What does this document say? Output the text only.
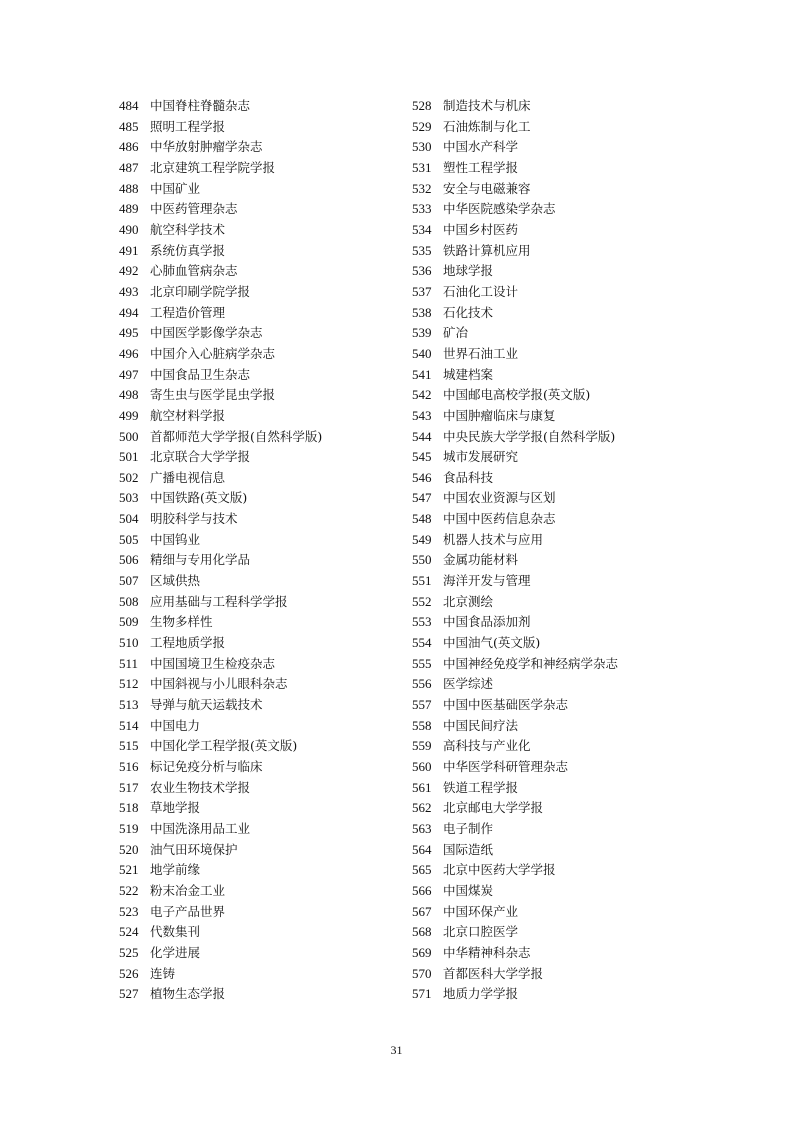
484 中国脊柱脊髓杂志
485 照明工程学报
486 中华放射肿瘤学杂志
487 北京建筑工程学院学报
488 中国矿业
489 中医药管理杂志
490 航空科学技术
491 系统仿真学报
492 心肺血管病杂志
493 北京印刷学院学报
494 工程造价管理
495 中国医学影像学杂志
496 中国介入心脏病学杂志
497 中国食品卫生杂志
498 寄生虫与医学昆虫学报
499 航空材料学报
500 首都师范大学学报(自然科学版)
501 北京联合大学学报
502 广播电视信息
503 中国铁路(英文版)
504 明胶科学与技术
505 中国钨业
506 精细与专用化学品
507 区域供热
508 应用基础与工程科学学报
509 生物多样性
510 工程地质学报
511 中国国境卫生检疫杂志
512 中国斜视与小儿眼科杂志
513 导弹与航天运载技术
514 中国电力
515 中国化学工程学报(英文版)
516 标记免疫分析与临床
517 农业生物技术学报
518 草地学报
519 中国洗涤用品工业
520 油气田环境保护
521 地学前缘
522 粉末冶金工业
523 电子产品世界
524 代数集刊
525 化学进展
526 连铸
527 植物生态学报
528 制造技术与机床
529 石油炼制与化工
530 中国水产科学
531 塑性工程学报
532 安全与电磁兼容
533 中华医院感染学杂志
534 中国乡村医药
535 铁路计算机应用
536 地球学报
537 石油化工设计
538 石化技术
539 矿冶
540 世界石油工业
541 城建档案
542 中国邮电高校学报(英文版)
543 中国肿瘤临床与康复
544 中央民族大学学报(自然科学版)
545 城市发展研究
546 食品科技
547 中国农业资源与区划
548 中国中医药信息杂志
549 机器人技术与应用
550 金属功能材料
551 海洋开发与管理
552 北京测绘
553 中国食品添加剂
554 中国油气(英文版)
555 中国神经免疫学和神经病学杂志
556 医学综述
557 中国中医基础医学杂志
558 中国民间疗法
559 高科技与产业化
560 中华医学科研管理杂志
561 铁道工程学报
562 北京邮电大学学报
563 电子制作
564 国际造纸
565 北京中医药大学学报
566 中国煤炭
567 中国环保产业
568 北京口腔医学
569 中华精神科杂志
570 首都医科大学学报
571 地质力学学报
31
